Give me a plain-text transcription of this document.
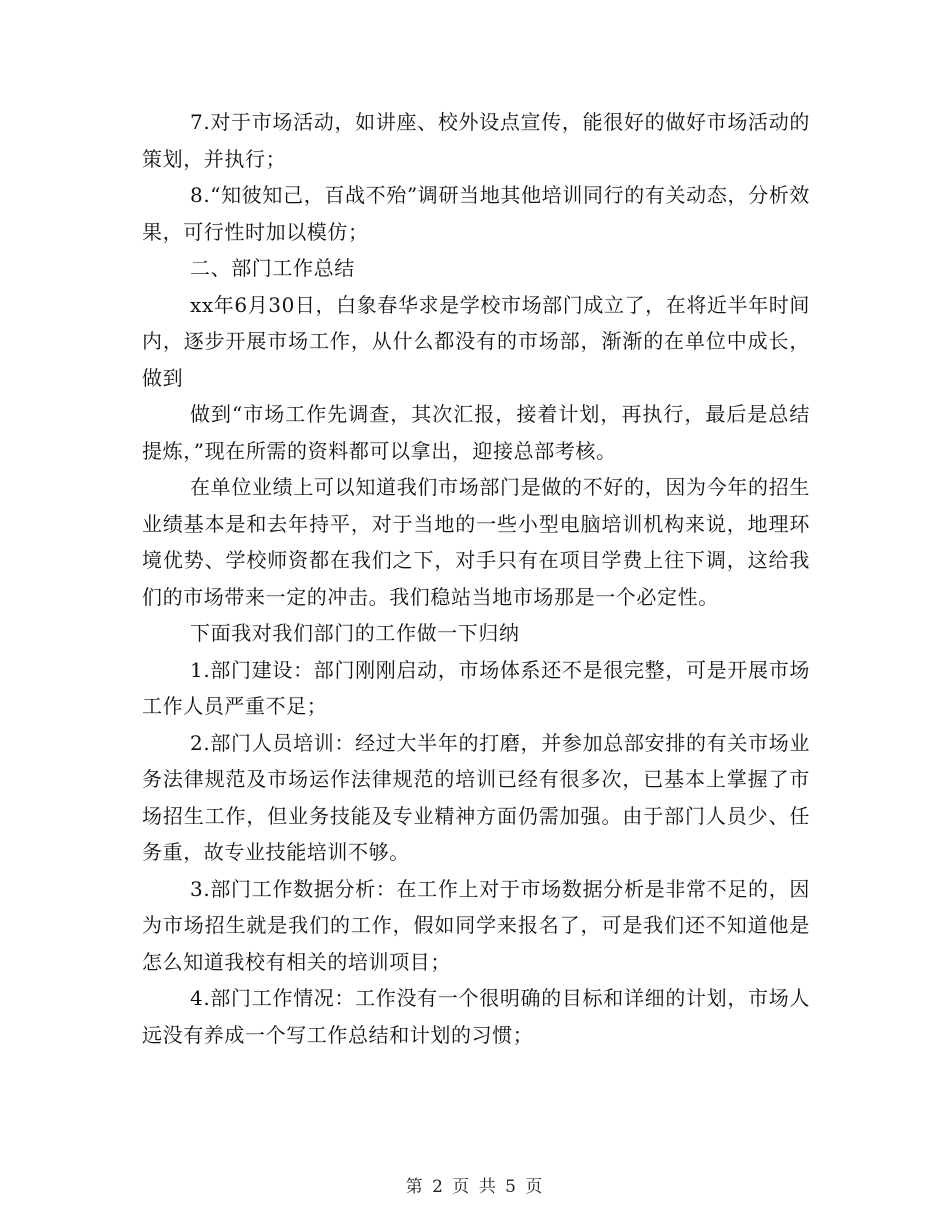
7.对于市场活动，如讲座、校外设点宣传，能很好的做好市场活动的策划，并执行；

8.“知彼知己，百战不殆”调研当地其他培训同行的有关动态，分析效果，可行性时加以模仿；

二、部门工作总结

xx年6月30日，白象春华求是学校市场部门成立了，在将近半年时间内，逐步开展市场工作，从什么都没有的市场部，渐渐的在单位中成长，做到

做到“市场工作先调查，其次汇报，接着计划，再执行，最后是总结提炼，”现在所需的资料都可以拿出，迎接总部考核。

在单位业绩上可以知道我们市场部门是做的不好的，因为今年的招生业绩基本是和去年持平，对于当地的一些小型电脑培训机构来说，地理环境优势、学校师资都在我们之下，对手只有在项目学费上往下调，这给我们的市场带来一定的冲击。我们稳站当地市场那是一个必定性。

下面我对我们部门的工作做一下归纳

1.部门建设：部门刚刚启动，市场体系还不是很完整，可是开展市场工作人员严重不足；

2.部门人员培训：经过大半年的打磨，并参加总部安排的有关市场业务法律规范及市场运作法律规范的培训已经有很多次，已基本上掌握了市场招生工作，但业务技能及专业精神方面仍需加强。由于部门人员少、任务重，故专业技能培训不够。

3.部门工作数据分析：在工作上对于市场数据分析是非常不足的，因为市场招生就是我们的工作，假如同学来报名了，可是我们还不知道他是怎么知道我校有相关的培训项目；

4.部门工作情况：工作没有一个很明确的目标和详细的计划，市场人远没有养成一个写工作总结和计划的习惯；

第 2 页 共 5 页
